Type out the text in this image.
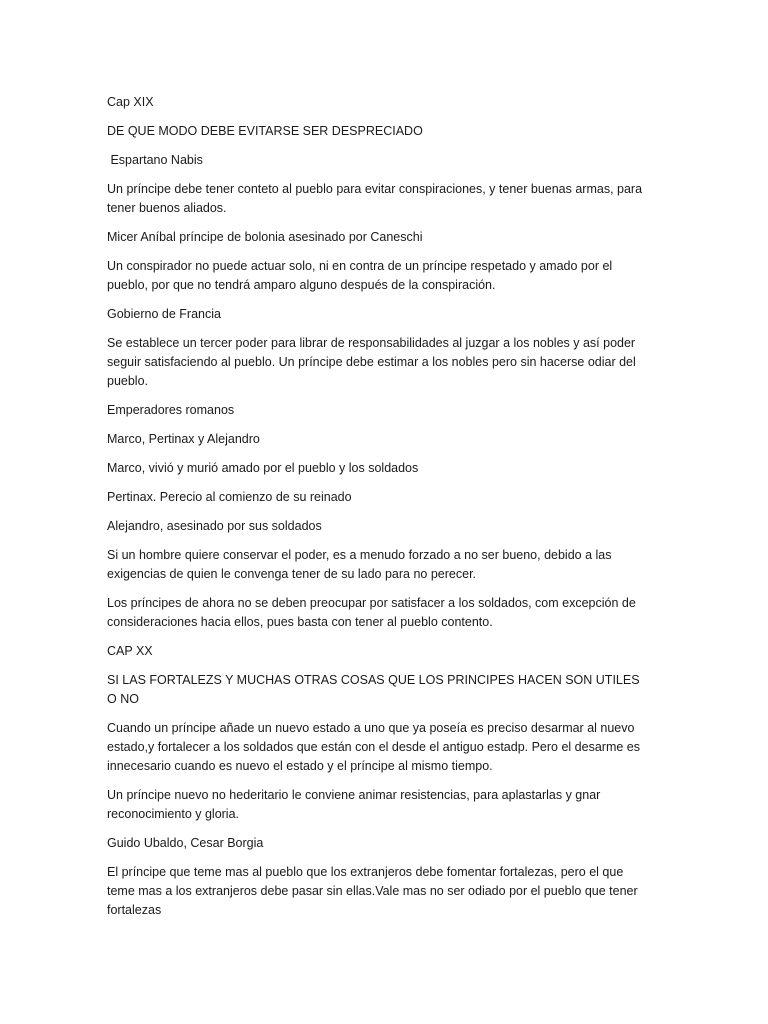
Cap XIX

DE QUE MODO DEBE EVITARSE SER DESPRECIADO

Espartano Nabis

Un príncipe debe tener conteto al pueblo para evitar conspiraciones, y tener buenas armas, para tener buenos aliados.

Micer Aníbal príncipe de bolonia asesinado por Caneschi

Un conspirador no puede actuar solo, ni en contra de un príncipe respetado y amado por el pueblo, por que no tendrá amparo alguno después de la conspiración.

Gobierno de Francia

Se establece un tercer poder para librar de responsabilidades al juzgar a los nobles y así poder seguir satisfaciendo al pueblo. Un príncipe debe estimar a los nobles pero sin hacerse odiar del pueblo.

Emperadores romanos

Marco, Pertinax y Alejandro

Marco, vivió y murió amado por el pueblo y los soldados

Pertinax. Perecio al comienzo de su reinado

Alejandro, asesinado por sus soldados

Si un hombre quiere conservar el poder, es a menudo forzado a no ser bueno, debido a las exigencias de quien le convenga tener de su lado para no perecer.

Los príncipes de ahora no se deben preocupar por satisfacer a los soldados, com excepción de consideraciones hacia ellos, pues basta con tener al pueblo contento.

CAP XX

SI LAS FORTALEZS Y MUCHAS OTRAS COSAS QUE LOS PRINCIPES HACEN SON UTILES O NO

Cuando un príncipe añade un nuevo estado a uno que ya poseía es preciso desarmar al nuevo estado,y fortalecer a los soldados que están con el desde el antiguo estadp. Pero el desarme es innecesario cuando es nuevo el estado y el príncipe al mismo tiempo.

Un príncipe nuevo no hederitario le conviene animar resistencias, para aplastarlas y gnar reconocimiento y gloria.

Guido Ubaldo, Cesar Borgia

El príncipe que teme mas al pueblo que los extranjeros debe fomentar fortalezas, pero el que teme mas a los extranjeros debe pasar sin ellas.Vale mas no ser odiado por el pueblo que tener fortalezas
